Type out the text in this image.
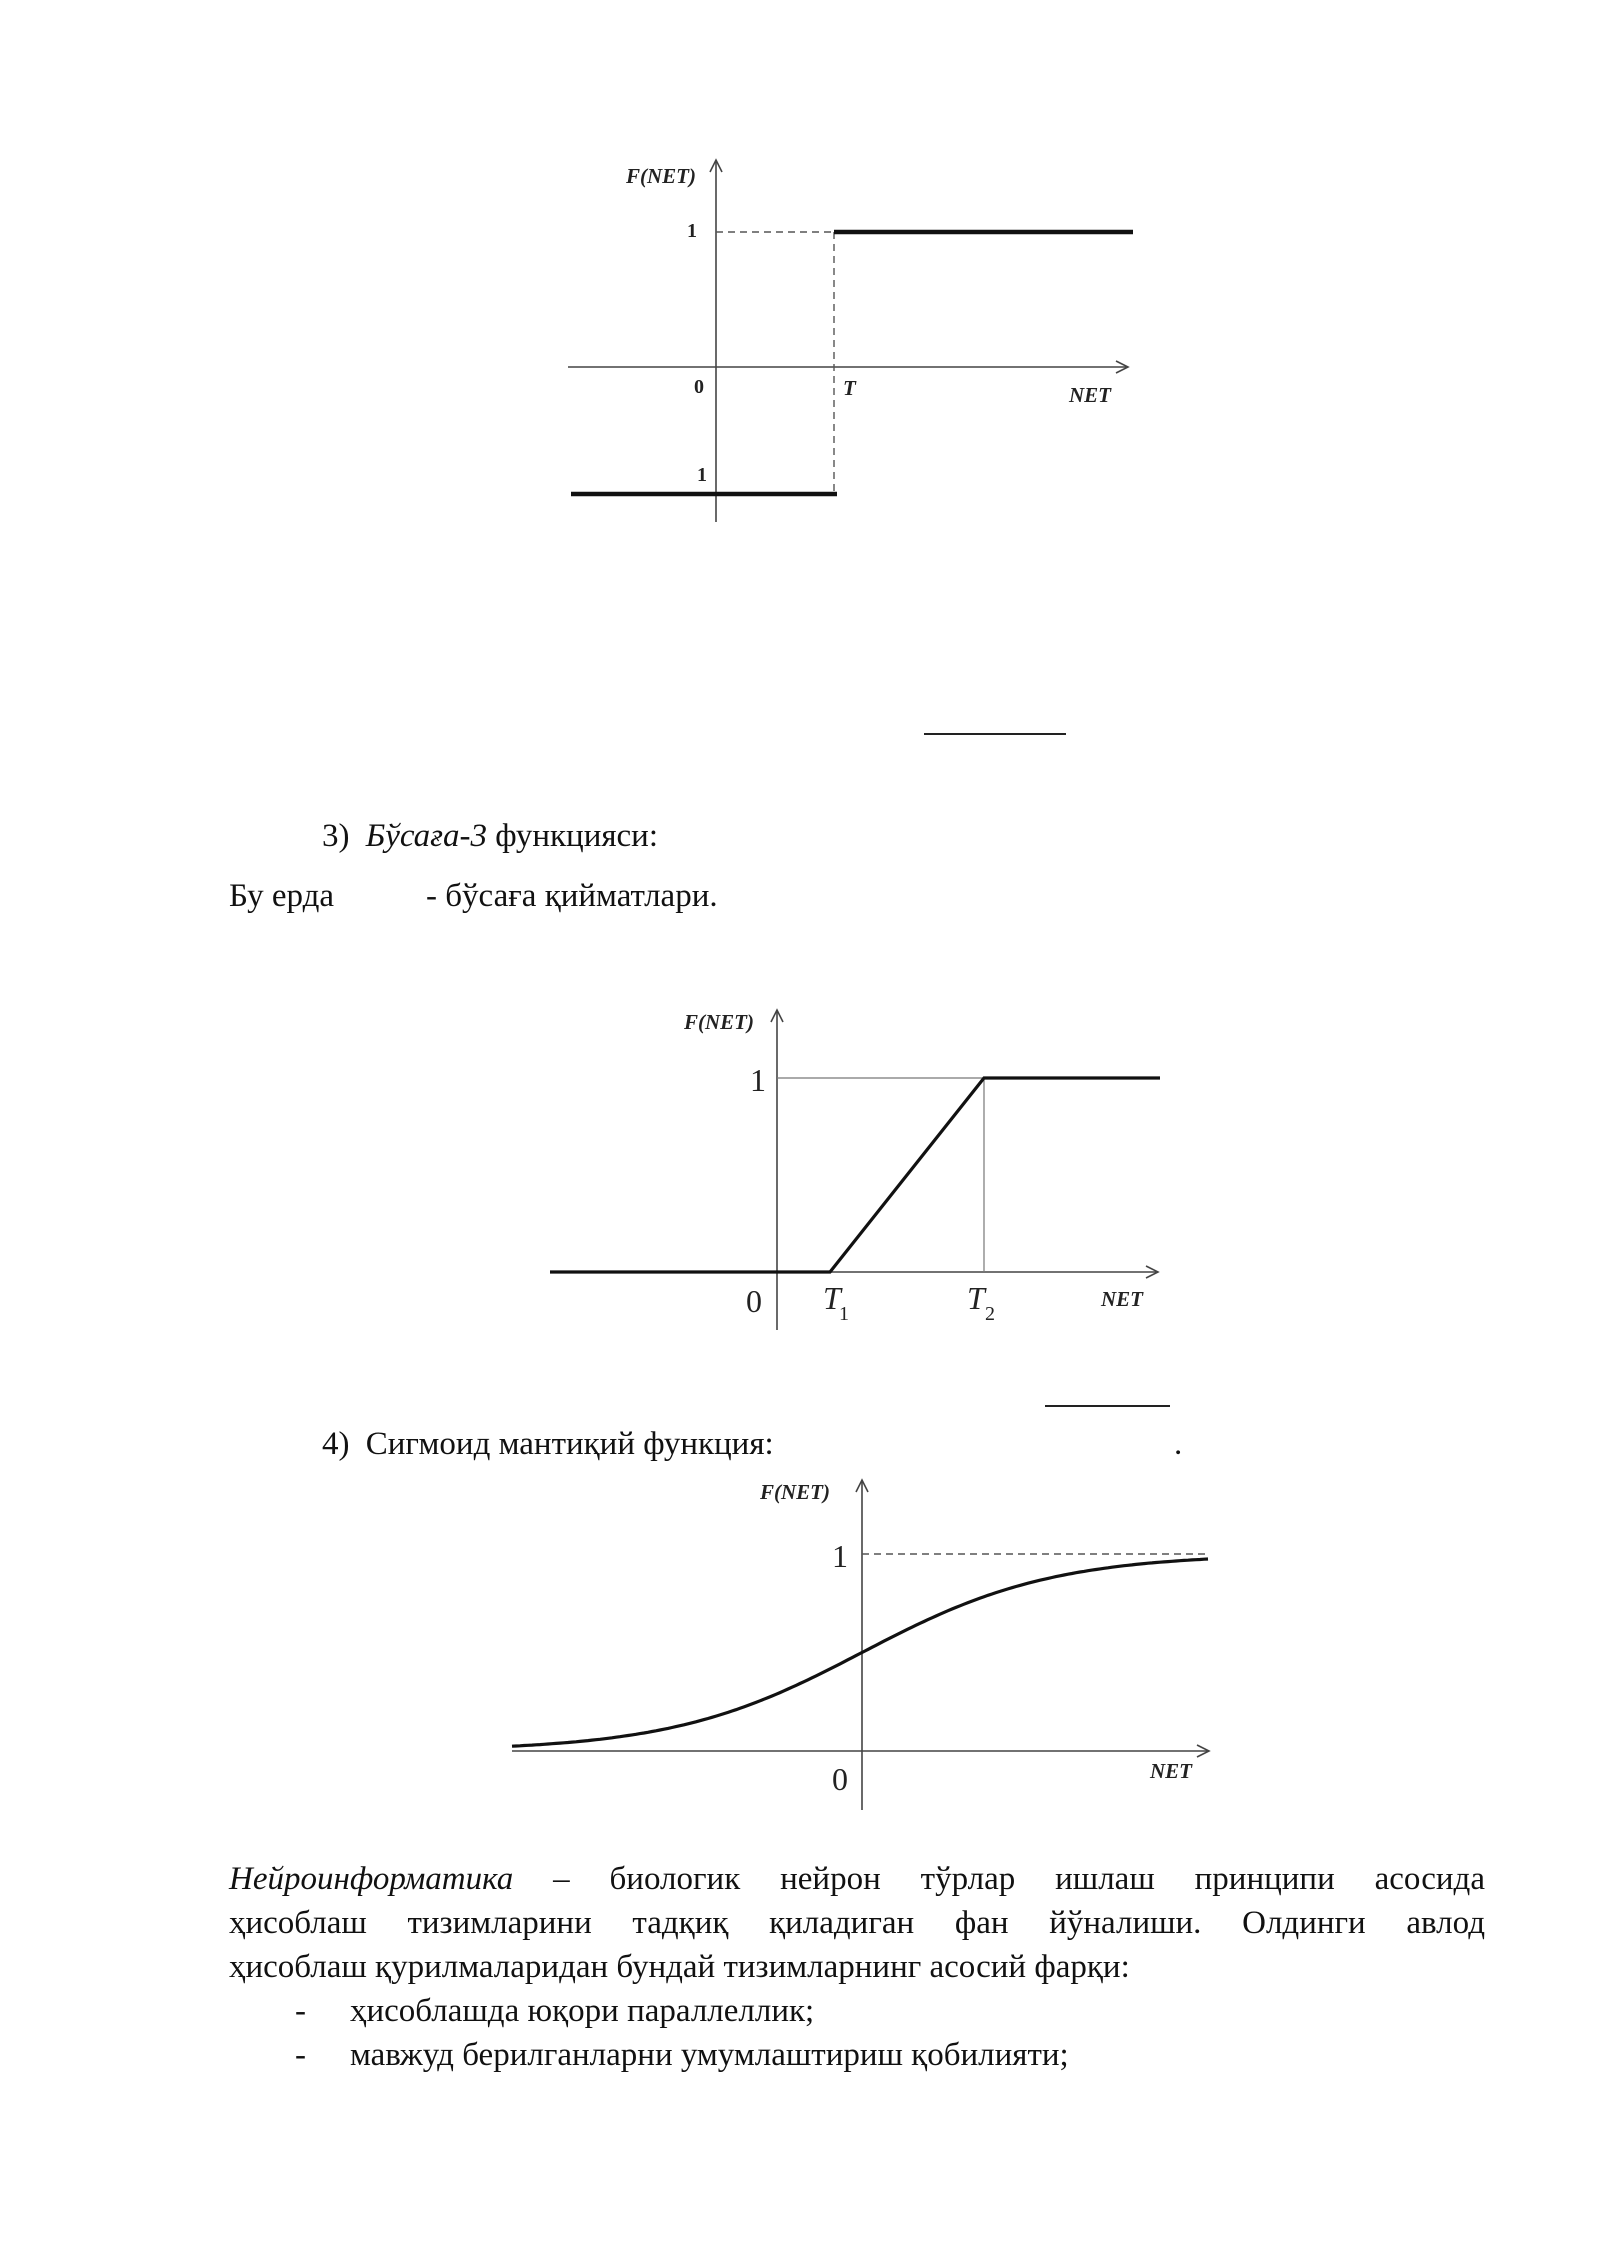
F(NET)
1
0	T	NET
1
3) Бўсаға-3 функцияси:
Бу ерда	- бўсаға қийматлари.
F(NET)
1
0 T
1	T 2
NET
4) Сигмоид мантиқий функция:	.
F(NET)
1
0	NET
Нейроинформатика – биологик нейрон тўрлар ишлаш принципи асосида
ҳисоблаш тизимларини тадқиқ қиладиган фан йўналиши. Олдинги авлод
ҳисоблаш қурилмаларидан бундай тизимларнинг асосий фарқи:
-	ҳисоблашда юқори параллеллик;
-	мавжуд берилганларни умумлаштириш қобилияти;
